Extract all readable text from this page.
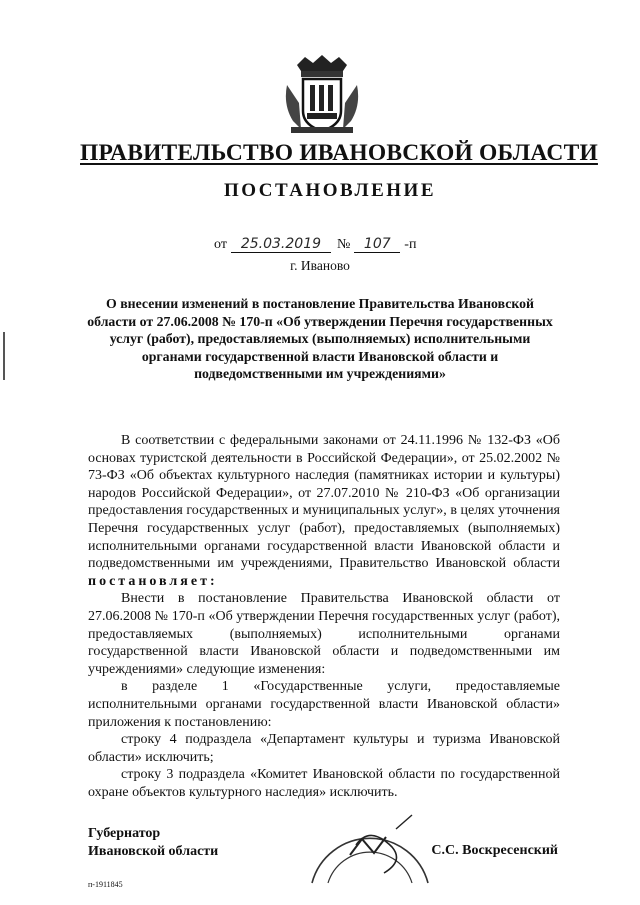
ПРАВИТЕЛЬСТВО ИВАНОВСКОЙ ОБЛАСТИ
ПОСТАНОВЛЕНИЕ
от 25.03.2019	№ 107 -п
г. Иваново
О внесении изменений в постановление Правительства Ивановской области от 27.06.2008 № 170-п «Об утверждении Перечня государственных услуг (работ), предоставляемых (выполняемых) исполнительными органами государственной власти Ивановской области и подведомственными им учреждениями»

В соответствии с федеральными законами от 24.11.1996 № 132-ФЗ «Об основах туристской деятельности в Российской Федерации», от 25.02.2002 № 73-ФЗ «Об объектах культурного наследия (памятниках истории и культуры) народов Российской Федерации», от 27.07.2010 № 210-ФЗ «Об организации предоставления государственных и муниципальных услуг», в целях уточнения Перечня государственных услуг (работ), предоставляемых (выполняемых) исполнительными органами государственной власти Ивановской области и подведомственными им учреждениями, Правительство Ивановской области постановляет:

Внести в постановление Правительства Ивановской области от 27.06.2008 № 170-п «Об утверждении Перечня государственных услуг (работ), предоставляемых (выполняемых) исполнительными органами государственной власти Ивановской области и подведомственными им учреждениями» следующие изменения:

в разделе 1 «Государственные услуги, предоставляемые исполнительными органами государственной власти Ивановской области» приложения к постановлению:

строку 4 подраздела «Департамент культуры и туризма Ивановской области» исключить;

строку 3 подраздела «Комитет Ивановской области по государственной охране объектов культурного наследия» исключить.

Губернатор
Ивановской области	С.С. Воскресенский
п-1911845
